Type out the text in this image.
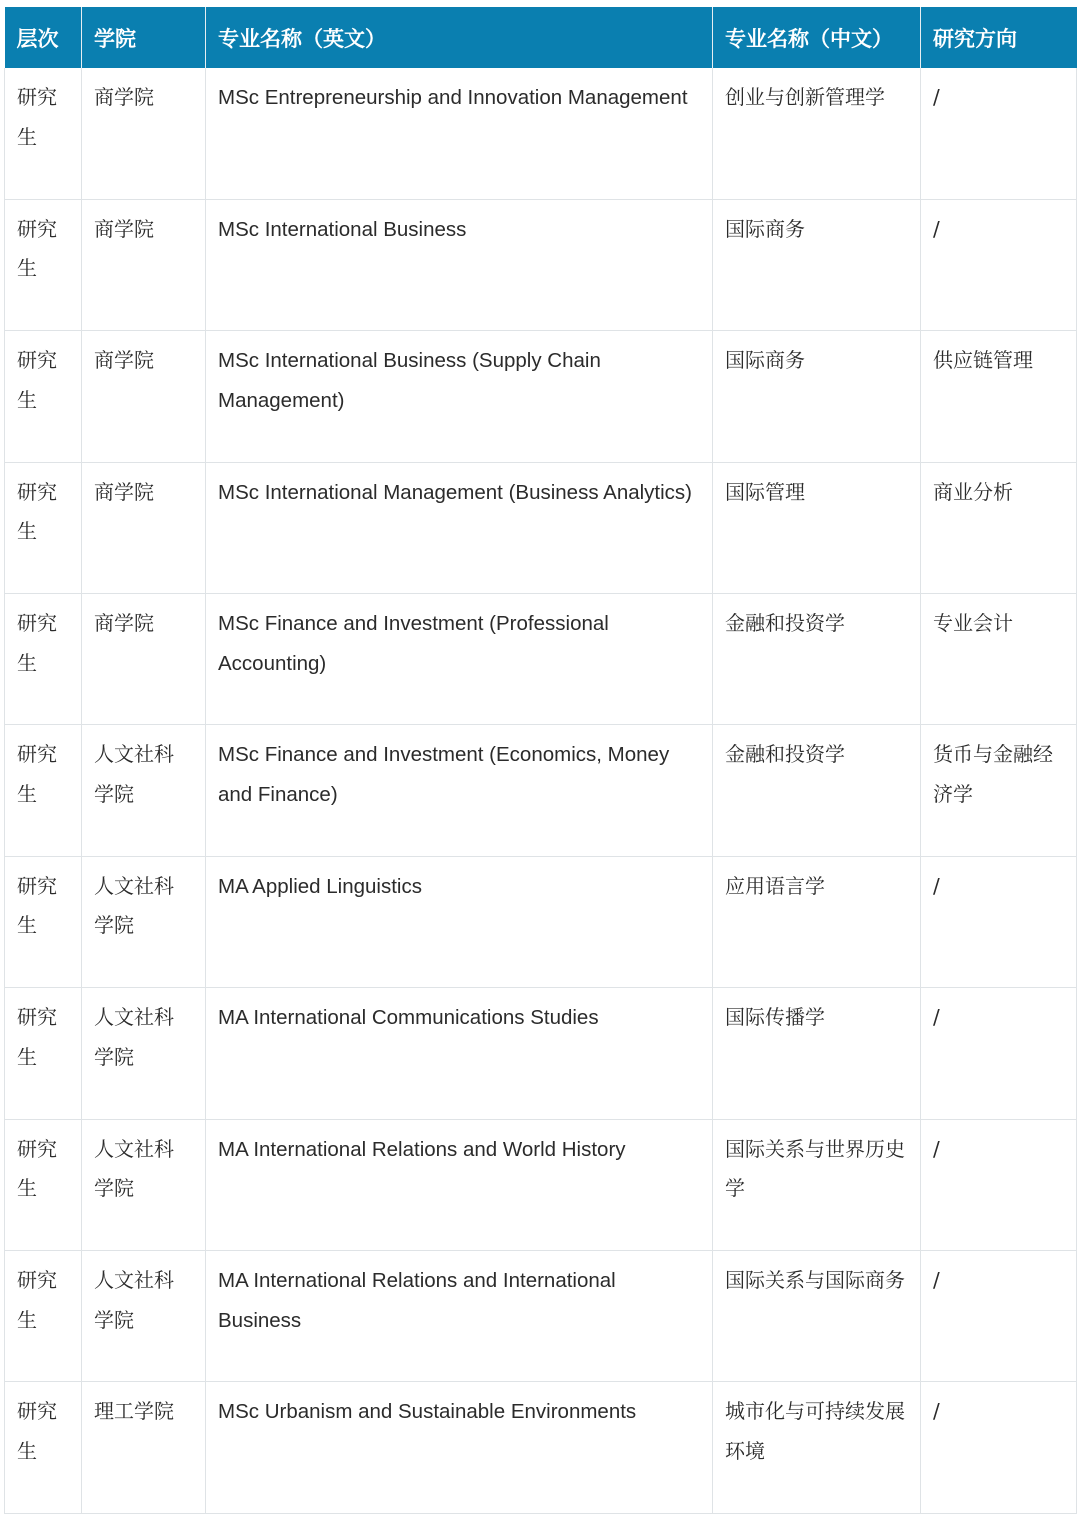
层次	学院	专业名称（英文）	专业名称（中文）	研究方向
研究生	商学院	MSc Entrepreneurship and Innovation Management	创业与创新管理学	/
研究生	商学院	MSc International Business	国际商务	/
研究生	商学院	MSc International Business (Supply Chain Management)	国际商务	供应链管理
研究生	商学院	MSc International Management (Business Analytics)	国际管理	商业分析
研究生	商学院	MSc Finance and Investment (Professional Accounting)	金融和投资学	专业会计
研究生	人文社科学院	MSc Finance and Investment (Economics, Money and Finance)	金融和投资学	货币与金融经济学
研究生	人文社科学院	MA Applied Linguistics	应用语言学	/
研究生	人文社科学院	MA International Communications Studies	国际传播学	/
研究生	人文社科学院	MA International Relations and World History	国际关系与世界历史学	/
研究生	人文社科学院	MA International Relations and International Business	国际关系与国际商务	/
研究生	理工学院	MSc Urbanism and Sustainable Environments	城市化与可持续发展环境	/
